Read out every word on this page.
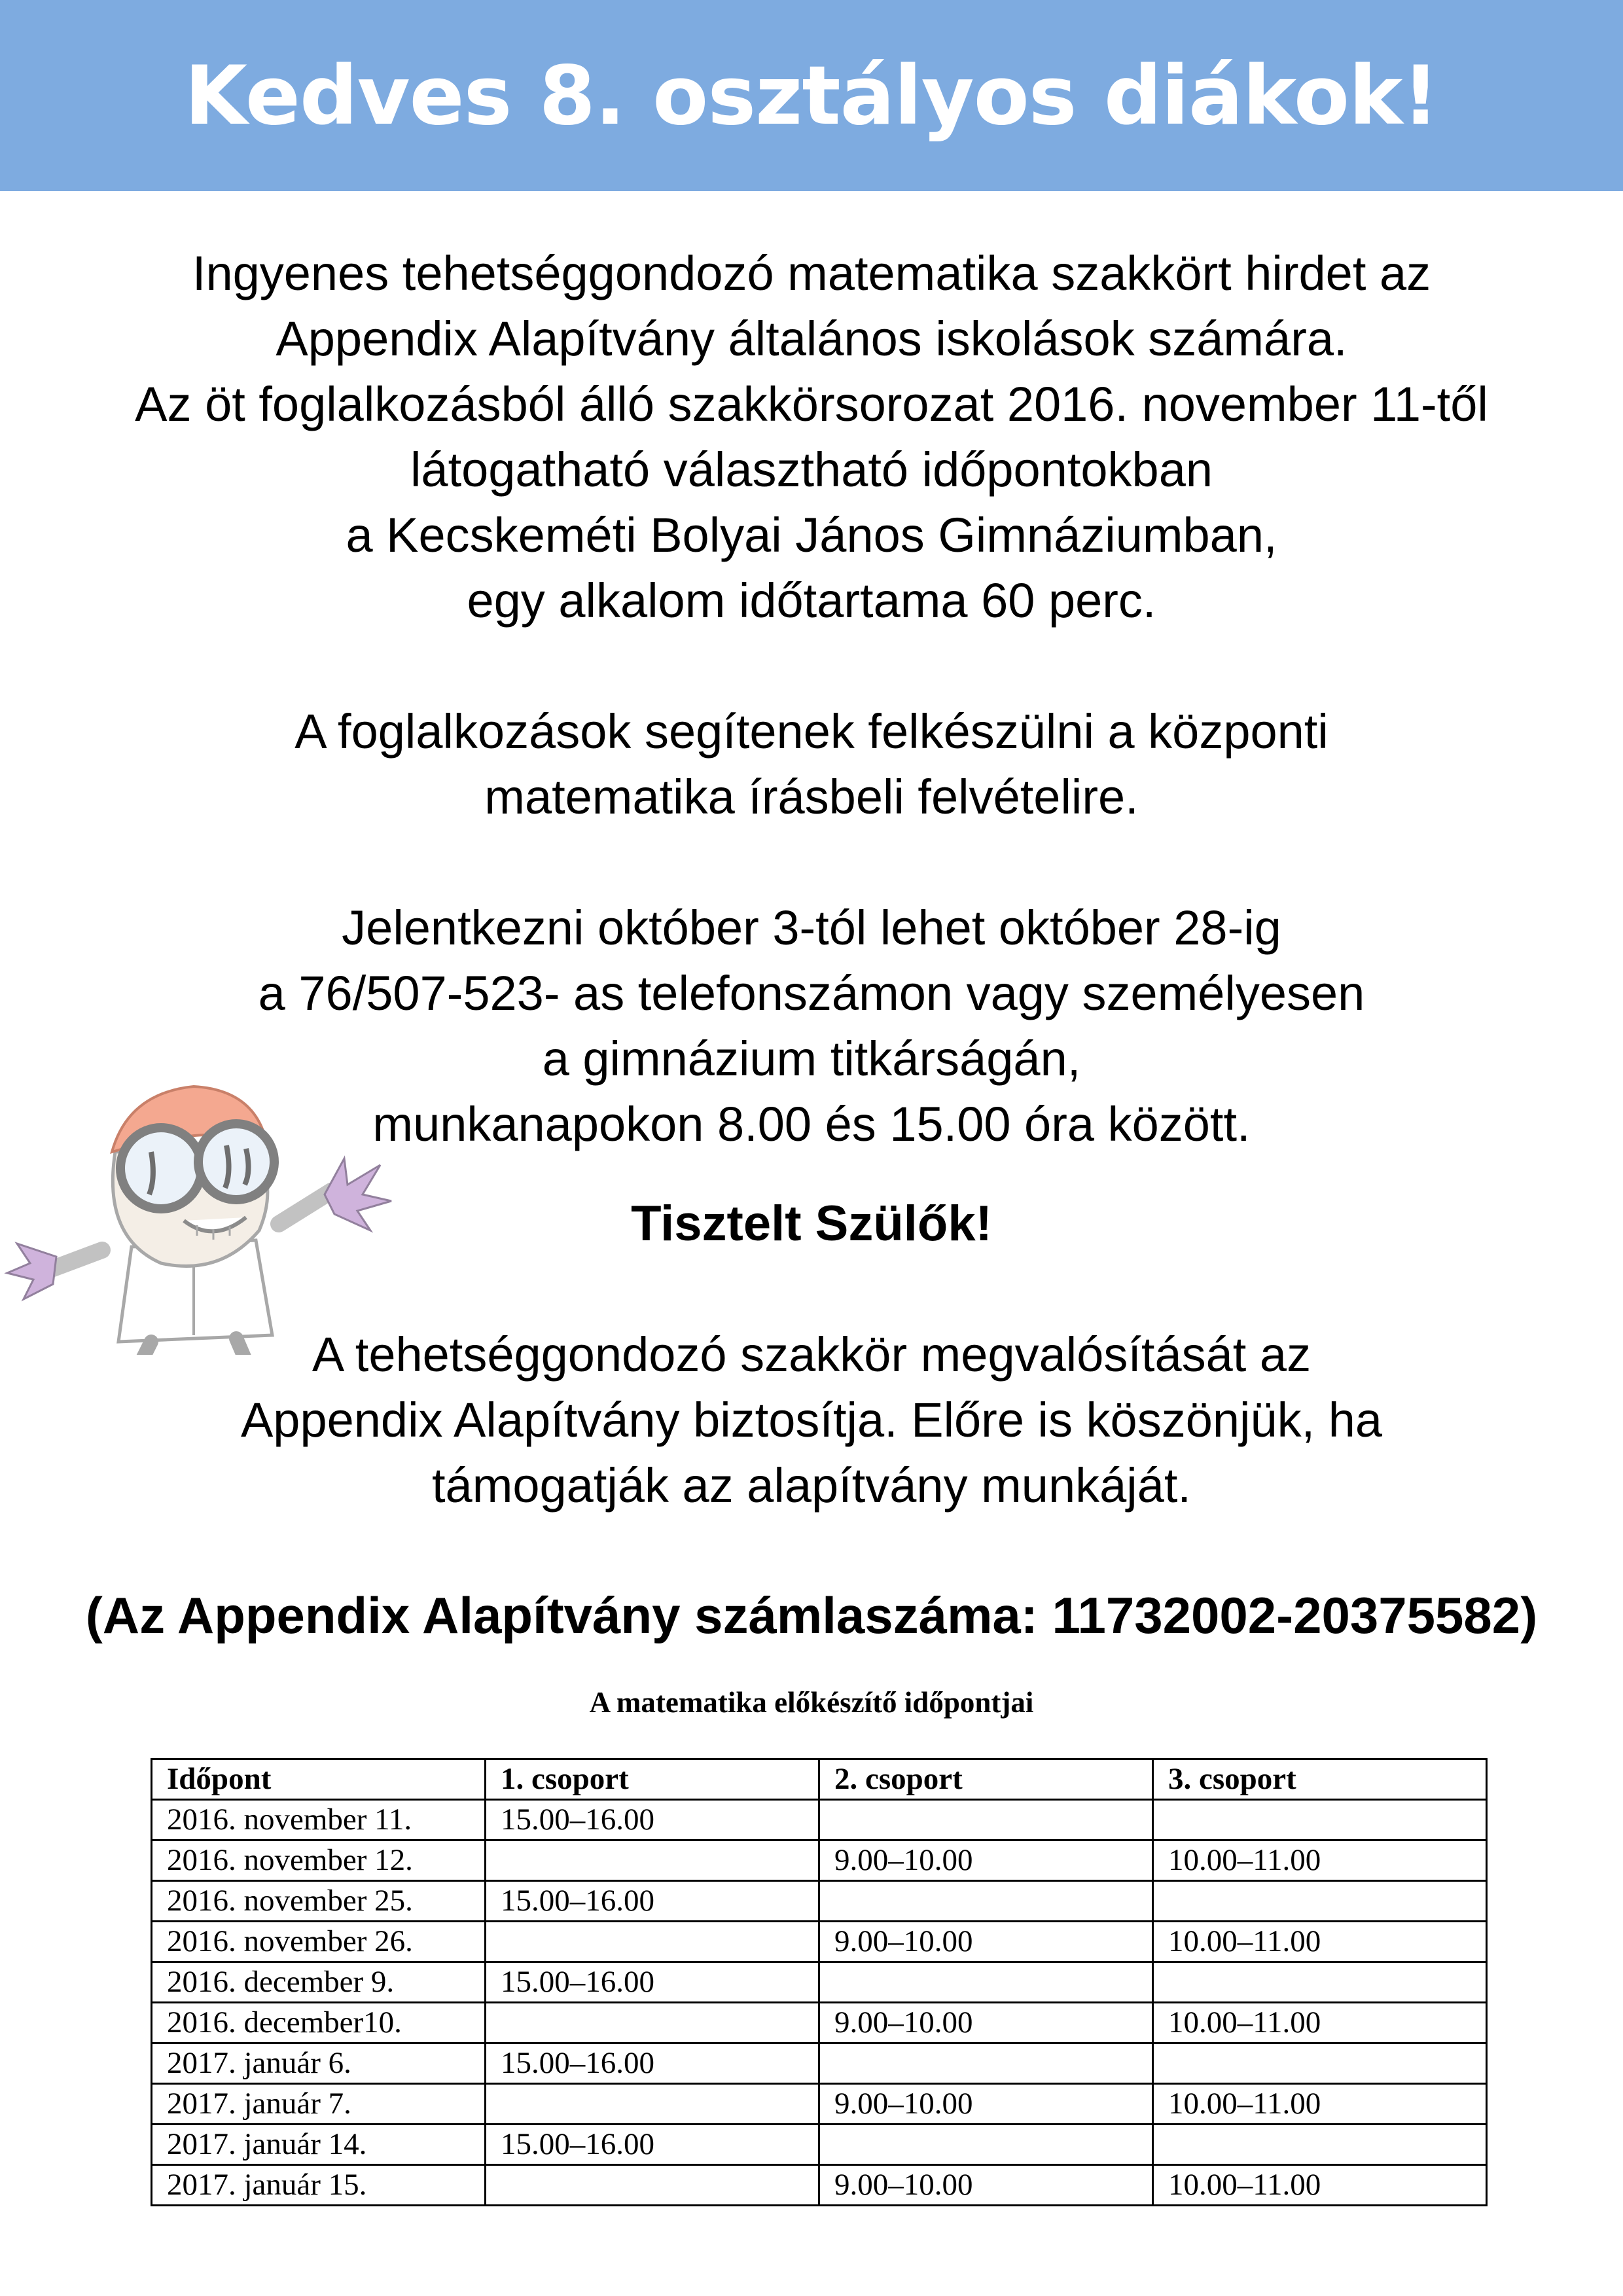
Kedves 8. osztályos diákok!
Ingyenes tehetséggondozó matematika szakkört hirdet az
Appendix Alapítvány általános iskolások számára.
Az öt foglalkozásból álló szakkörsorozat 2016. november 11-től
látogatható választható időpontokban
a Kecskeméti Bolyai János Gimnáziumban,
egy alkalom időtartama 60 perc.
A foglalkozások segítenek felkészülni a központi
matematika írásbeli felvételire.
Jelentkezni október 3-tól lehet október 28-ig
a 76/507-523- as telefonszámon vagy személyesen
a gimnázium titkárságán,
munkanapokon 8.00 és 15.00 óra között.
Tisztelt Szülők!
A tehetséggondozó szakkör megvalósítását az
Appendix Alapítvány biztosítja. Előre is köszönjük, ha
támogatják az alapítvány munkáját.
(Az Appendix Alapítvány számlaszáma: 11732002-20375582)
A matematika előkészítő időpontjai
Időpont	1. csoport	2. csoport	3. csoport
2016. november 11.	15.00–16.00		
2016. november 12.		9.00–10.00	10.00–11.00
2016. november 25.	15.00–16.00		
2016. november 26.		9.00–10.00	10.00–11.00
2016. december 9.	15.00–16.00		
2016. december10.		9.00–10.00	10.00–11.00
2017. január 6.	15.00–16.00		
2017. január 7.		9.00–10.00	10.00–11.00
2017. január 14.	15.00–16.00		
2017. január 15.		9.00–10.00	10.00–11.00
